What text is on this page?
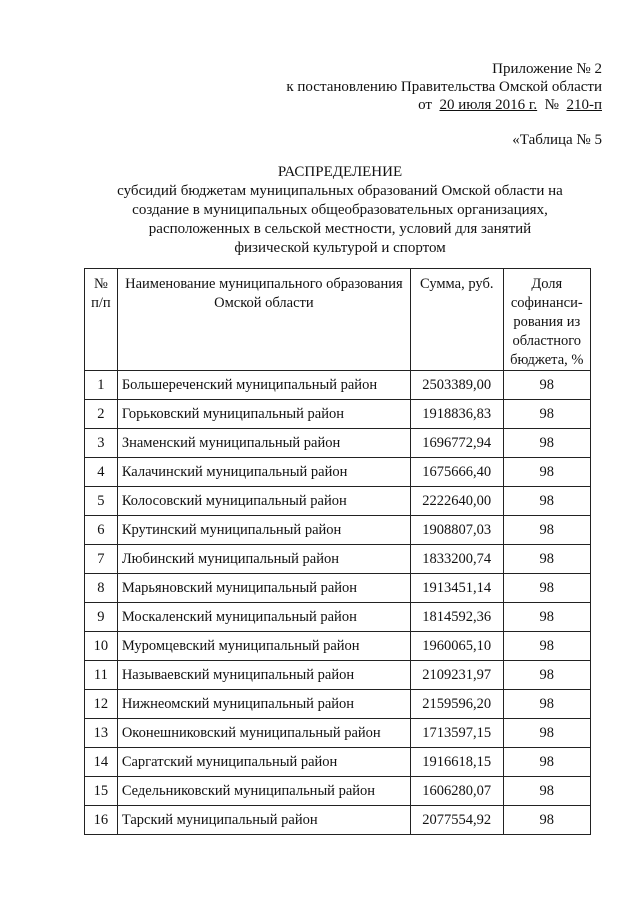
Приложение № 2
к постановлению Правительства Омской области
от 20 июля 2016 г. № 210-п
«Таблица № 5
РАСПРЕДЕЛЕНИЕ
субсидий бюджетам муниципальных образований Омской области на
создание в муниципальных общеобразовательных организациях,
расположенных в сельской местности, условий для занятий
физической культурой и спортом
№ п/п	Наименование муниципального образования Омской области	Сумма, руб.	Доля софинанси-рования из областного бюджета, %
1	Большереченский муниципальный район	2503389,00	98
2	Горьковский муниципальный район	1918836,83	98
3	Знаменский муниципальный район	1696772,94	98
4	Калачинский муниципальный район	1675666,40	98
5	Колосовский муниципальный район	2222640,00	98
6	Крутинский муниципальный район	1908807,03	98
7	Любинский муниципальный район	1833200,74	98
8	Марьяновский муниципальный район	1913451,14	98
9	Москаленский муниципальный район	1814592,36	98
10	Муромцевский муниципальный район	1960065,10	98
11	Называевский муниципальный район	2109231,97	98
12	Нижнеомский муниципальный район	2159596,20	98
13	Оконешниковский муниципальный район	1713597,15	98
14	Саргатский муниципальный район	1916618,15	98
15	Седельниковский муниципальный район	1606280,07	98
16	Тарский муниципальный район	2077554,92	98
